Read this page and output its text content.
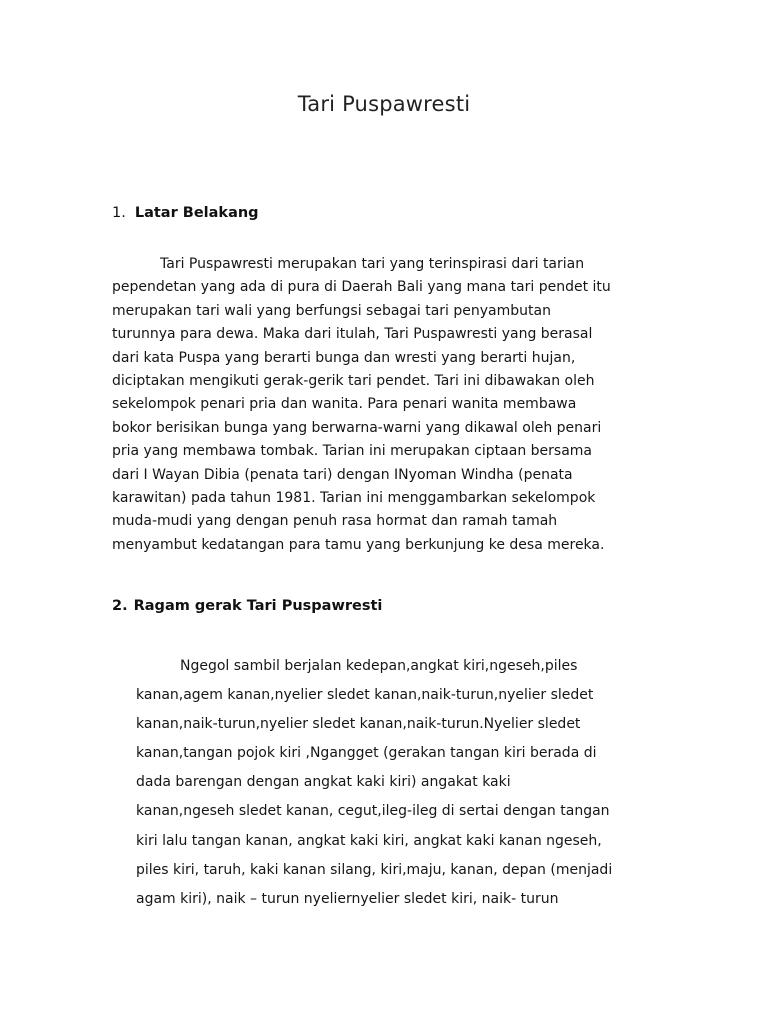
Tari Puspawresti
1. Latar Belakang
Tari Puspawresti merupakan tari yang terinspirasi dari tarian
pependetan yang ada di pura di Daerah Bali yang mana tari pendet itu
merupakan tari wali yang berfungsi sebagai tari penyambutan
turunnya para dewa. Maka dari itulah, Tari Puspawresti yang berasal
dari kata Puspa yang berarti bunga dan wresti yang berarti hujan,
diciptakan mengikuti gerak-gerik tari pendet. Tari ini dibawakan oleh
sekelompok penari pria dan wanita. Para penari wanita membawa
bokor berisikan bunga yang berwarna-warni yang dikawal oleh penari
pria yang membawa tombak. Tarian ini merupakan ciptaan bersama
dari I Wayan Dibia (penata tari) dengan INyoman Windha (penata
karawitan) pada tahun 1981. Tarian ini menggambarkan sekelompok
muda-mudi yang dengan penuh rasa hormat dan ramah tamah
menyambut kedatangan para tamu yang berkunjung ke desa mereka.
2. Ragam gerak Tari Puspawresti
Ngegol sambil berjalan kedepan,angkat kiri,ngeseh,piles
kanan,agem kanan,nyelier sledet kanan,naik-turun,nyelier sledet
kanan,naik-turun,nyelier sledet kanan,naik-turun.Nyelier sledet
kanan,tangan pojok kiri ,Ngangget (gerakan tangan kiri berada di
dada barengan dengan angkat kaki kiri) angakat kaki
kanan,ngeseh sledet kanan, cegut,ileg-ileg di sertai dengan tangan
kiri lalu tangan kanan, angkat kaki kiri, angkat kaki kanan ngeseh,
piles kiri, taruh, kaki kanan silang, kiri,maju, kanan, depan (menjadi
agam kiri), naik – turun nyeliernyelier sledet kiri, naik- turun
